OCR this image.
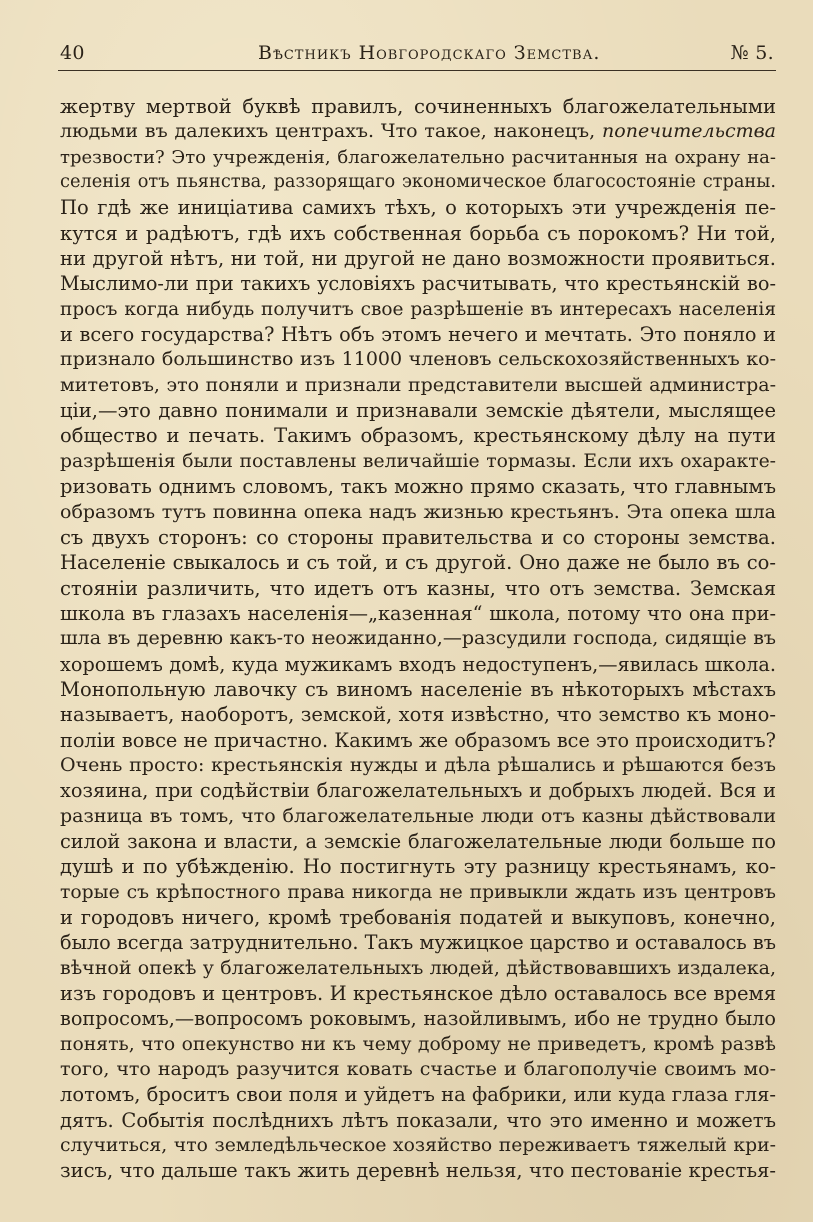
40	Вѣстникъ Новгородскаго Земства.	№ 5.
жертву мертвой буквѣ правилъ, сочиненныхъ благожелательными
людьми въ далекихъ центрахъ. Что такое, наконецъ, попечительства
трезвости? Это учрежденія, благожелательно расчитанныя на охрану на-
селенія отъ пьянства, раззорящаго экономическое благосостояніе страны.
По гдѣ же иниціатива самихъ тѣхъ, о которыхъ эти учрежденія пе-
кутся и радѣютъ, гдѣ ихъ собственная борьба съ порокомъ? Ни той,
ни другой нѣтъ, ни той, ни другой не дано возможности проявиться.
Мыслимо-ли при такихъ условіяхъ расчитывать, что крестьянскій во-
просъ когда нибудь получитъ свое разрѣшеніе въ интересахъ населенія
и всего государства? Нѣтъ объ этомъ нечего и мечтать. Это поняло и
признало большинство изъ 11000 членовъ сельскохозяйственныхъ ко-
митетовъ, это поняли и признали представители высшей администра-
ціи,—это давно понимали и признавали земскіе дѣятели, мыслящее
общество и печать. Такимъ образомъ, крестьянскому дѣлу на пути
разрѣшенія были поставлены величайшіе тормазы. Если ихъ охаракте-
ризовать однимъ словомъ, такъ можно прямо сказать, что главнымъ
образомъ тутъ повинна опека надъ жизнью крестьянъ. Эта опека шла
съ двухъ сторонъ: со стороны правительства и со стороны земства.
Населеніе свыкалось и съ той, и съ другой. Оно даже не было въ со-
стояніи различить, что идетъ отъ казны, что отъ земства. Земская
школа въ глазахъ населенія—„казенная“ школа, потому что она при-
шла въ деревню какъ-то неожиданно,—разсудили господа, сидящіе въ
хорошемъ домѣ, куда мужикамъ входъ недоступенъ,—явилась школа.
Монопольную лавочку съ виномъ населеніе въ нѣкоторыхъ мѣстахъ
называетъ, наоборотъ, земской, хотя извѣстно, что земство къ моно-
поліи вовсе не причастно. Какимъ же образомъ все это происходитъ?
Очень просто: крестьянскія нужды и дѣла рѣшались и рѣшаются безъ
хозяина, при содѣйствіи благожелательныхъ и добрыхъ людей. Вся и
разница въ томъ, что благожелательные люди отъ казны дѣйствовали
силой закона и власти, а земскіе благожелательные люди больше по
душѣ и по убѣжденію. Но постигнуть эту разницу крестьянамъ, ко-
торые съ крѣпостного права никогда не привыкли ждать изъ центровъ
и городовъ ничего, кромѣ требованія податей и выкуповъ, конечно,
было всегда затруднительно. Такъ мужицкое царство и оставалось въ
вѣчной опекѣ у благожелательныхъ людей, дѣйствовавшихъ издалека,
изъ городовъ и центровъ. И крестьянское дѣло оставалось все время
вопросомъ,—вопросомъ роковымъ, назойливымъ, ибо не трудно было
понять, что опекунство ни къ чему доброму не приведетъ, кромѣ развѣ
того, что народъ разучится ковать счастье и благополучіе своимъ мо-
лотомъ, броситъ свои поля и уйдетъ на фабрики, или куда глаза гля-
дятъ. Событія послѣднихъ лѣтъ показали, что это именно и можетъ
случиться, что земледѣльческое хозяйство переживаетъ тяжелый кри-
зисъ, что дальше такъ жить деревнѣ нельзя, что пестованіе крестья-
